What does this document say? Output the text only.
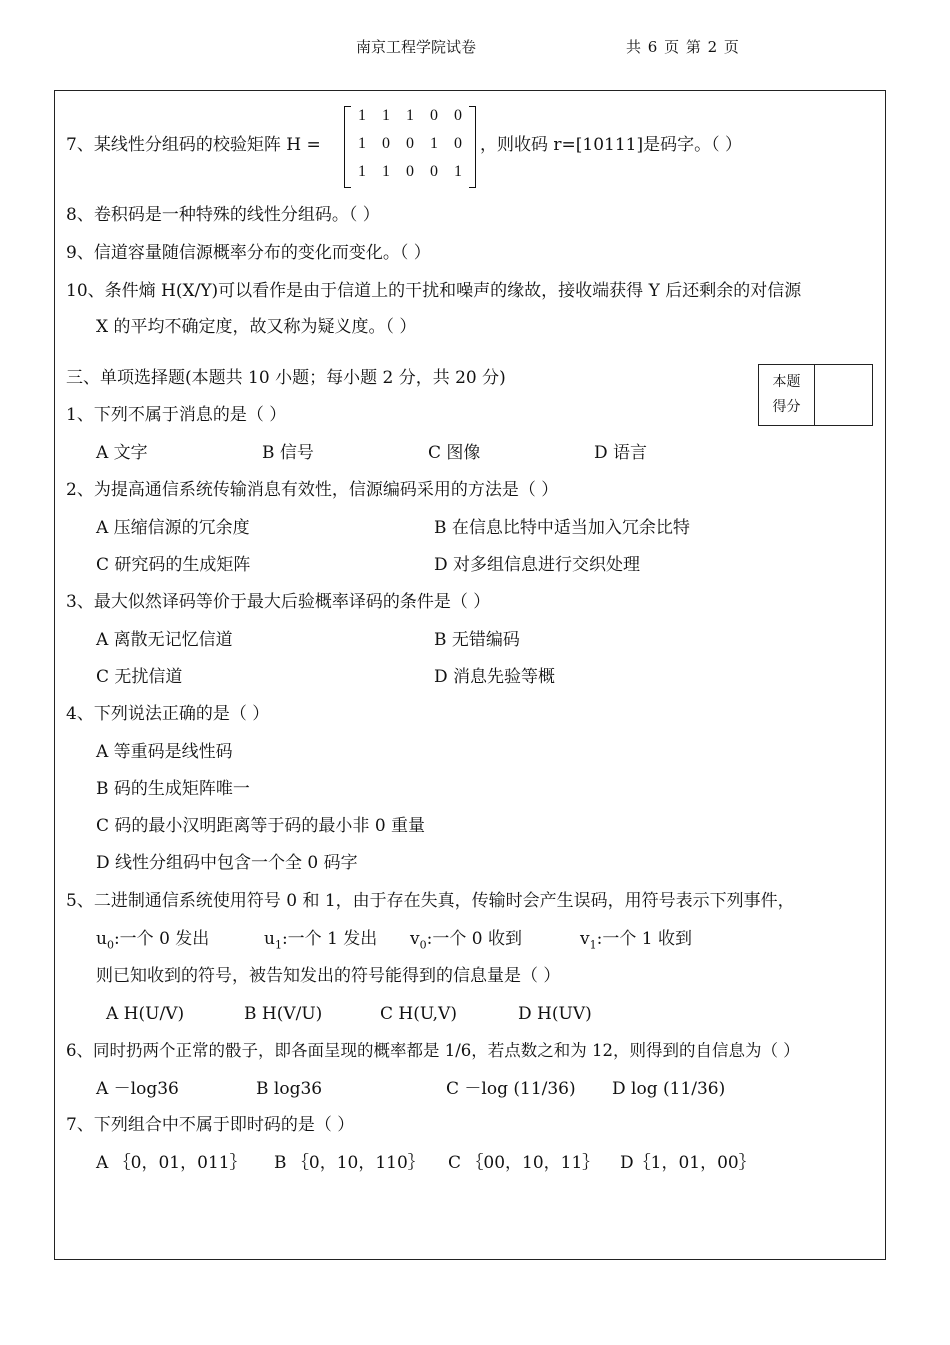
南京工程学院试卷	共 6 页 第 2 页
7、某线性分组码的校验矩阵 H =
1 1 1 0 0
1 0 0 1 0
1 1 0 0 1
，则收码 r=[10111]是码字。（ ）
8、卷积码是一种特殊的线性分组码。（ ）
9、信道容量随信源概率分布的变化而变化。（ ）
10、条件熵 H(X/Y)可以看作是由于信道上的干扰和噪声的缘故，接收端获得 Y 后还剩余的对信源
X 的平均不确定度，故又称为疑义度。（ ）
三、单项选择题(本题共 10 小题；每小题 2 分，共 20 分)	本题
得分
1、下列不属于消息的是（ ）
A 文字	B 信号	C 图像	D 语言
2、为提高通信系统传输消息有效性，信源编码采用的方法是（ ）
A 压缩信源的冗余度	B 在信息比特中适当加入冗余比特
C 研究码的生成矩阵	D 对多组信息进行交织处理
3、最大似然译码等价于最大后验概率译码的条件是（ ）
A 离散无记忆信道	B 无错编码
C 无扰信道	D 消息先验等概
4、下列说法正确的是（ ）
A 等重码是线性码
B 码的生成矩阵唯一
C 码的最小汉明距离等于码的最小非 0 重量
D 线性分组码中包含一个全 0 码字
5、二进制通信系统使用符号 0 和 1，由于存在失真，传输时会产生误码，用符号表示下列事件，
$u_0$:一个 0 发出	$u_1$:一个 1 发出 $v_0$:一个 0 收到	$v_1$:一个 1 收到
则已知收到的符号，被告知发出的符号能得到的信息量是（ ）
A H(U/V)	B H(V/U)	C H(U,V)	D H(UV)
6、同时扔两个正常的骰子，即各面呈现的概率都是 1/6，若点数之和为 12，则得到的自信息为（ ）
A －log36	B log36	C －log (11/36) D log (11/36)
7、下列组合中不属于即时码的是（ ）
A ｛0，01，011｝ B ｛0，10，110｝ C ｛00，10，11｝ D｛1，01，00｝
